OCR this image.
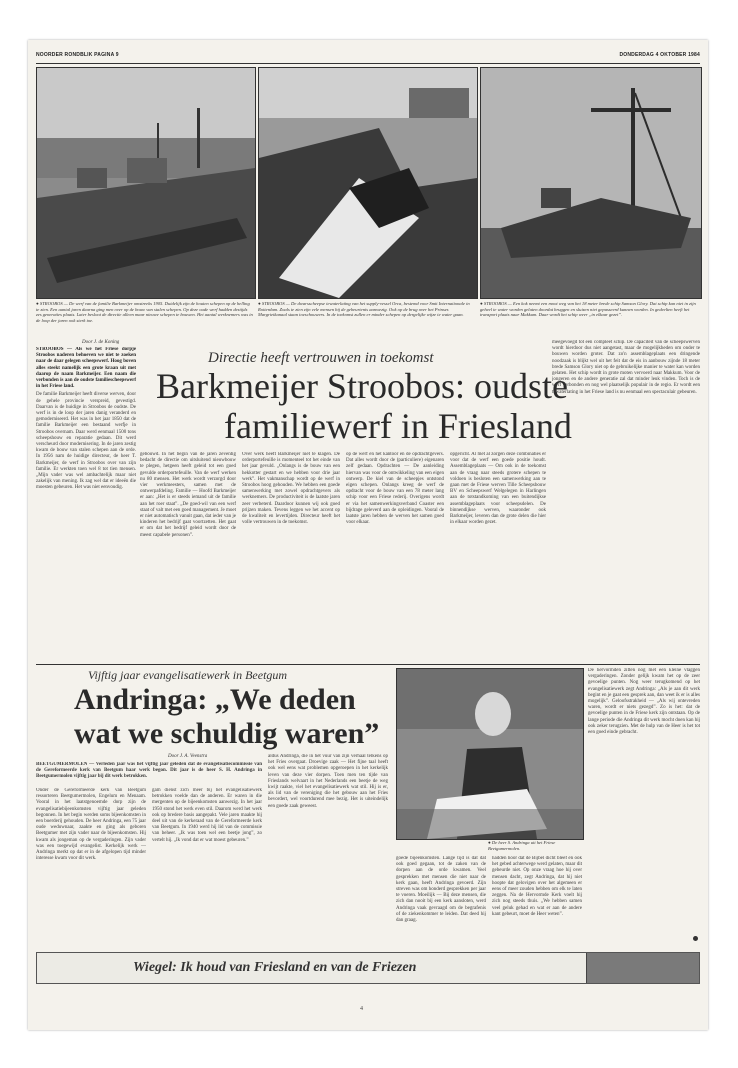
NOORDER RONDBLIK PAGINA 9	DONDERDAG 4 OKTOBER 1984
● STROOBOS — De werf van de familie Barkmeijer omstreeks 1905. Duidelijk zijn de houten schepen op de helling te zien. Een aantal jaren daarna ging men over op de bouw van stalen schepen. Op deze oude werf hadden destijds zes generaties plaats. Later besloot de directie alleen maar nieuwe schepen te bouwen. Het aantal werknemers was in de loop der jaren ook sterk toe.
● STROOBOS — De dwarsscheepse tewaterlating van het supply-vessel Orca, bestemd voor Smit Internationale in Rotterdam. Zoals te zien zijn vele mensen bij de gebeurtenis aanwezig. Ook op de brug over het Prinses Margrietkanaal staan toeschouwers. In de toekomst zullen er minder schepen op dergelijke wijze te water gaan.
● STROOBOS — Een kok neemt een moot weg van het 18 meter brede schip Samson Glory. Dat schip kan niet in zijn geheel te water worden gelaten doordat bruggen en sluizen niet gepasseerd kunnen worden. In gedeelten heeft het transport plaats naar Makkum. Daar wordt het schip weer „in elkaar gezet”.
Door J. de Koning

STROOBOS — Als we het Friese dorpje Stroobos naderen behoeven we niet te zoeken naar de daar gelegen scheepswerf. Hoog boven alles steekt namelijk een grote kraan uit met daarop de naam Barkmeijer. Een naam die verbonden is aan de oudste familiescheepswerf in het Friese land.

De familie Barkmeijer heeft diverse werven, door de gehele provincie verspreid, gevestigd. Daarvan is de huidige in Stroobos de oudste. De werf is in de loop der jaren danig veranderd en gemoderniseerd. Het was in het jaar 1850 dat de familie Barkmeijer een bestaand werfje in Stroobos overnam. Daar werd eenmaal 1500 tons scheepshouw en reparatie gedaan. Dit werd verscheurd door modernisering. In de jaren zestig kwam de bouw van stalen schepen aan de orde. In 1956 nam de huidige directeur, de heer T. Barkmeijer, de werf in Stroobos over van zijn familie. Er werkten toen wel 8 tot tien mensen. „Mijn vader was wel ambachtelijk maar niet zakelijk van mening. Ik zag wel dat er ideeën die moesten gebeuren. Het was niet eenvoudig.

Directie heeft vertrouwen in toekomst
Barkmeijer Stroobos: oudste
familiewerf in Friesland
gebouwd. In het begin van de jaren zeventig bedacht de directie om uitsluitend nieuwbouw te plegen, hetgeen heeft geleid tot een goed gevulde orderportefeuille. Van de werf werken nu 80 mensen. Het werk wordt verzorgd door vier werkmeesters, samen met de ontwerpafdeling. Familie — Hoofd Barkmeijer er aan: „Het is er steeds iemand uit de familie aan het roer staat”. „De goed-wil van een werf staat of valt met een goed management. Je moet er niet automatisch vanuit gaan, dat ieder van je kinderen het bedrijf gaat voortzetten. Het gaat er om dat het bedrijf geleid wordt door de meest capabele personen”.
Over werk heeft Barkmeijer niet te klagen. De orderportefeuille is momenteel tot het einde van het jaar gevuld. „Onlangs is de bouw van een hekkotter gestart en we hebben voor drie jaar werk”. Het vakmanschap wordt op de werf in Stroobos hoog gehouden. We hebben een goede samenwerking met zowel opdrachtgevers als werknemers. De productiviteit is de laatste jaren zeer verbeterd. Daardoor kunnen wij ook goed prijzen maken. Tevens leggen we het accent op de kwaliteit en levertijden. Directeur heeft het volle vertrouwen in de toekomst.
op de werf en het kantoor en de opdrachtgevers. Dat alles wordt door de (particuliere) eigenaren zelf gedaan. Opdrachten — De aanleiding hiervan was voor de ontwikkeling van een eigen ontwerp. De kiel van de scheepjes ontstond eigen schepen. Onlangs kreeg de werf de opdracht voor de bouw van een 78 meter lang schip voor een Friese rederij. Overigens wordt er via het samenwerkingsverband Coaster een bijdrage geleverd aan de opleidingen. Vooral de laatste jaren hebben de werven het samen goed voor elkaar.
opgericht. Al met al zorgen deze combinaties er voor dat de werf een goede positie houdt. Assemblageplaats — Om ook in de toekomst aan de vraag naar steeds grotere schepen te voldoen is besloten een samenwerking aan te gaan met de Friese werven Tille Scheepsbouw BV en Scheepswerf Welgelegen in Harlingen aan de totstandkoming van een buitendijkse assemblageplaats voor scheepsdelen. De binnendijkse werven, waaronder ook Barkmeijer, leveren dan de grote delen die hier in elkaar worden gezet.
meegevoegd tot een compleet schip. De capaciteit van de scheepswerven wordt hierdoor dus niet aangetast, maar de mogelijkheden om onder te bouwen worden groter. Dat zo'n assemblageplaats een dringende noodzaak is blijkt wel uit het feit dat de eis in aanbouw zijnde 18 meter brede Samson Glory niet op de gebruikelijke manier te water kan worden gelaten. Het schip wordt in grote moten vervoerd naar Makkum. Voor de jongeren en de andere generatie zal dat minder leuk vinden. Toch is de werf verbonden en nog wel plaatselijk populair in de regio. Er wordt een tewaterlating in het Friese land is nu eenmaal een spectaculair gebeuren.
Vijftig jaar evangelisatiewerk in Beetgum
Andringa: „We deden
wat we schuldig waren”
● De heer S. Andringa uit het Friese Beetgumermolen.
Door J. A. Veenstra
BEETGUMERMOLEN — Verleden jaar was het vijftig jaar geleden dat de evangelisatiecommissie van de Gereformeerde kerk van Beetgum haar werk begon. Dit jaar is de heer S. H. Andringa in Beetgumermolen vijftig jaar bij dit werk betrokken.

Onder de Gereformeerde kerk van Beetgum ressorteren Beetgumermolen, Engelum en Menaam. Vooral in het laatstgenoemde dorp zijn de evangelisatiebijeenkomsten vijftig jaar geleden begonnen. In het begin werden soms bijeenkomsten in een boerderij gehouden. De heer Andringa, een 75 jaar oude weduwnaar, zaakte en ging als geboren Beetgumer met zijn vader naar de bijeenkomsten. Hij kwam als jongeman op de vergaderingen. Zijn vader was een toegewijd evangelist. Kerkelijk werk — Andringa merkt op dat er in de afgelopen tijd minder interesse kwam voor dit werk.

gam dienst zich meer bij het evangelisatiewerk betrokken voelde dan de anderen. Er waren in die mergenten op de bijeenkomsten aanwezig. In het jaar 1950 stond het werk even stil. Daarom werd het werk ook op bredere basis aangepakt. Vele jaren maakte hij deel uit van de kerkeraad van de Gereformeerde kerk van Beetgum. In 1940 werd hij lid van de commissie van beheer. „Ik was toen wel een beetje jong”, zo vertelt hij. „Ik vond dat er wat moest gebeuren.”
aldus Andringa, die in het vuur van zijn verhaal telkens op het Fries overgaat. Droevige zaak — Het fijne taal heeft ook wel eens wat problemen opgeroepen in het kerkelijk leven van deze vier dorpen. Toen men ten tijde van Frieslands welvaart in het Nederlands een beetje de weg kwijt raakte, viel het evangelisatiewerk wat stil. Hij is er, als lid van de vereniging die het gebouw aan het Fries bevordert, wel voortdurend mee bezig. Het is uiteindelijk een goede zaak geweest.
goede bijeenkomsten. Lange tijd is dat dat ook goed gegaan, tot de zaken van de dorpen aan de orde kwamen. Veel gesprekken met mensen die niet naar de kerk gaan, heeft Andringa gevoerd. Zijn streven was om honderd gesprekken per jaar te voeren. Moeilijk — Bij deze mensen, die zich dan nooit bij een kerk aansloten, werd Andringa vaak gevraagd om de begrafenis of de ziekenkommer te leiden. Dat deed hij dan graag.
hadden hoor dat de Bijbel dicht bleef en ook het gebed achterwege werd gelaten, maar dit gebeurde niet. Op onze vraag hoe hij over mensen dacht, zegt Andringa, dat hij niet hoopte dat gelovigen over het algemeen er eens of meer zouden hebben om elk te laten zeggen. Na de Hervormde Kerk voelt hij zich nog steeds thuis. „We hebben samen veel geluk gehad en wat er aan de andere kant gebeurt, moet de Heer weten”.
De hervormden zitten nog met een kleine vlaggen vergaderingen. Zonder gelijk kwam het op de zeer gevoelige punten. Nog weer terugkomend op het evangelisatiewerk zegt Andringa: „Als je aan dit werk begint en je gaat een gesprek aan, dan weet ik er is alles mogelijk”. Geloofsstrakheid — „Als wij ontevreden waren, wordt er niets gezegd”. Zo is het: dat de gevoelige punten in de Friese kerk zijn ontstaan. Op de lange periode die Andringa dit werk mocht doen kan hij ook zeker terugzien. Met de hulp van de Heer is het tot een goed einde gebracht.
Wiegel: Ik houd van Friesland en van de Friezen
4
